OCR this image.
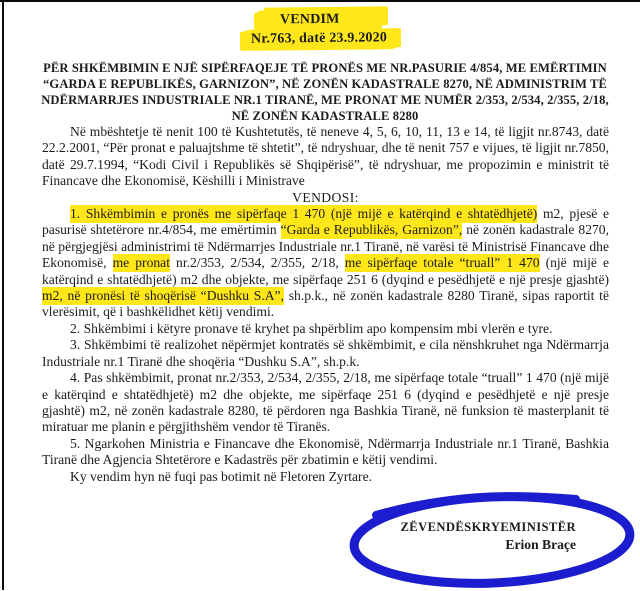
VENDIM
Nr.763, datë 23.9.2020

PËR SHKËMBIMIN E NJË SIPËRFAQEJE TË PRONËS ME NR.PASURIE 4/854, ME EMËRTIMIN “GARDA E REPUBLIKËS, GARNIZON”, NË ZONËN KADASTRALE 8270, NË ADMINISTRIM TË NDËRMARRJES INDUSTRIALE NR.1 TIRANË, ME PRONAT ME NUMËR 2/353, 2/534, 2/355, 2/18, NË ZONËN KADASTRALE 8280

Në mbështetje të nenit 100 të Kushtetutës, të neneve 4, 5, 6, 10, 11, 13 e 14, të ligjit nr.8743, datë 22.2.2001, “Për pronat e paluajtshme të shtetit”, të ndryshuar, dhe të nenit 757 e vijues, të ligjit nr.7850, datë 29.7.1994, “Kodi Civil i Republikës së Shqipërisë”, të ndryshuar, me propozimin e ministrit të Financave dhe Ekonomisë, Këshilli i Ministrave

VENDOSI:

1. Shkëmbimin e pronës me sipërfaqe 1 470 (një mijë e katërqind e shtatëdhjetë) m2, pjesë e pasurisë shtetërore nr.4/854, me emërtimin “Garda e Republikës, Garnizon”, në zonën kadastrale 8270, në përgjegjësi administrimi të Ndërmarrjes Industriale nr.1 Tiranë, në varësi të Ministrisë Financave dhe Ekonomisë, me pronat nr.2/353, 2/534, 2/355, 2/18, me sipërfaqe totale “truall” 1 470 (një mijë e katërqind e shtatëdhjetë) m2 dhe objekte, me sipërfaqe 251 6 (dyqind e pesëdhjetë e një presje gjashtë) m2, në pronësi të shoqërisë “Dushku S.A”, sh.p.k., në zonën kadastrale 8280 Tiranë, sipas raportit të vlerësimit, që i bashkëlidhet këtij vendimi.

2. Shkëmbimi i këtyre pronave të kryhet pa shpërblim apo kompensim mbi vlerën e tyre.

3. Shkëmbimi të realizohet nëpërmjet kontratës së shkëmbimit, e cila nënshkruhet nga Ndërmarrja Industriale nr.1 Tiranë dhe shoqëria “Dushku S.A”, sh.p.k.

4. Pas shkëmbimit, pronat nr.2/353, 2/534, 2/355, 2/18, me sipërfaqe totale “truall” 1 470 (një mijë e katërqind e shtatëdhjetë) m2 dhe objekte, me sipërfaqe 251 6 (dyqind e pesëdhjetë e një presje gjashtë) m2, në zonën kadastrale 8280, të përdoren nga Bashkia Tiranë, në funksion të masterplanit të miratuar me planin e përgjithshëm vendor të Tiranës.

5. Ngarkohen Ministria e Financave dhe Ekonomisë, Ndërmarrja Industriale nr.1 Tiranë, Bashkia Tiranë dhe Agjencia Shtetërore e Kadastrës për zbatimin e këtij vendimi.

Ky vendim hyn në fuqi pas botimit në Fletoren Zyrtare.

ZËVENDËSKRYEMINISTËR
Erion Braçe
